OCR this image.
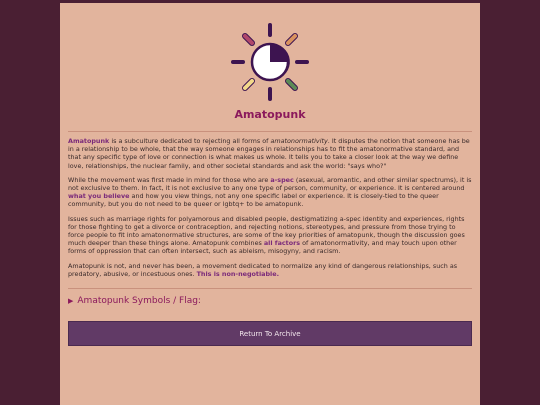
Amatopunk

Amatopunk is a subculture dedicated to rejecting all forms of amatonormativity. It disputes the notion that someone has be in a relationship to be whole, that the way someone engages in relationships has to fit the amatonormative standard, and that any specific type of love or connection is what makes us whole. It tells you to take a closer look at the way we define love, relationships, the nuclear family, and other societal standards and ask the world: "says who?"

While the movement was first made in mind for those who are a-spec (asexual, aromantic, and other similar spectrums), it is not exclusive to them. In fact, it is not exclusive to any one type of person, community, or experience. It is centered around what you believe and how you view things, not any one specific label or experience. It is closely-tied to the queer community, but you do not need to be queer or lgbtq+ to be amatopunk.

Issues such as marriage rights for polyamorous and disabled people, destigmatizing a-spec identity and experiences, rights for those fighting to get a divorce or contraception, and rejecting notions, stereotypes, and pressure from those trying to force people to fit into amatonormative structures, are some of the key priorities of amatopunk, though the discussion goes much deeper than these things alone. Amatopunk combines all factors of amatonormativity, and may touch upon other forms of oppression that can often intersect, such as ableism, misogyny, and racism.

Amatopunk is not, and never has been, a movement dedicated to normalize any kind of dangerous relationships, such as predatory, abusive, or incestuous ones. This is non-negotiable.

▶ Amatopunk Symbols / Flag:
Return To Archive
